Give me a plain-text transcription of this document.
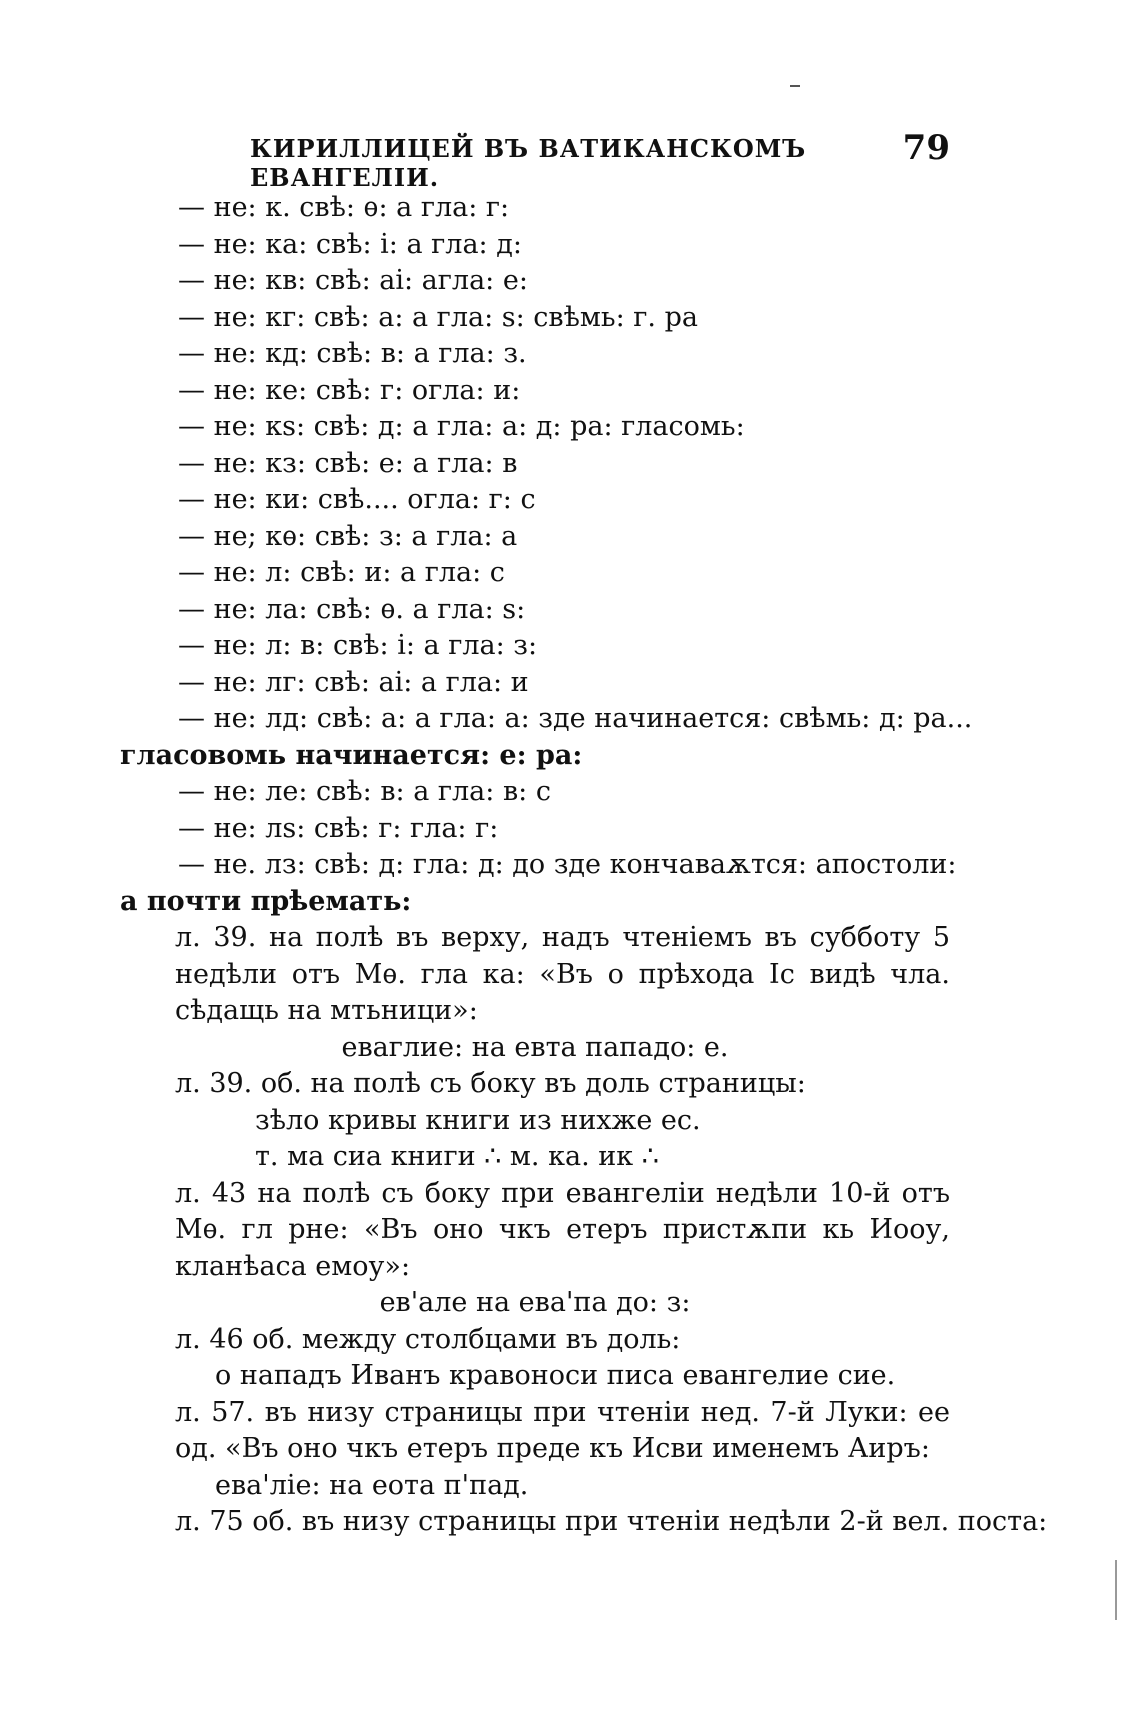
КИРИЛЛИЦЕЙ ВЪ ВАТИКАНСКОМЪ ЕВАНГЕЛІИ.
79
— не: к. свѣ: ѳ: а гла: г:
— не: ка: свѣ: і: а гла: д:
— не: кв: свѣ: аі: агла: е:
— не: кг: свѣ: а: а гла: ѕ: свѣмь: г. ра
— не: кд: свѣ: в: а гла: з.
— не: ке: свѣ: г: огла: и:
— не: кѕ: свѣ: д: а гла: а: д: ра: гласомь:
— не: кз: свѣ: е: а гла: в
— не: ки: свѣ.... огла: г: с
— не; кѳ: свѣ: з: а гла: а
— не: л: свѣ: и: а гла: с
— не: ла: свѣ: ѳ. а гла: ѕ:
— не: л: в: свѣ: і: а гла: з:
— не: лг: свѣ: аі: а гла: и
— не: лд: свѣ: а: а гла: а: зде начинается: свѣмь: д: ра...
гласовомь начинается: е: ра:
— не: ле: свѣ: в: а гла: в: с
— не: лѕ: свѣ: г: гла: г:
— не. лз: свѣ: д: гла: д: до зде кончаваѫтся: апостоли:
а почти прѣемать:
л. 39. на полѣ въ верху, надъ чтеніемъ въ субботу 5 недѣли отъ Мѳ. гла ка: «Въ о прѣхода Іс видѣ чла. сѣдащь на мтьници»:
еваглие: на евта пападо: е.
л. 39. об. на полѣ съ боку въ доль страницы:
зѣло кривы книги из нихже ес.
т. ма сиа книги ∴ м. ка. ик ∴
л. 43 на полѣ съ боку при евангеліи недѣли 10-й отъ Мѳ. гл рне: «Въ оно чкъ етеръ пристѫпи кь Иооу, кланѣаса емоу»:
ев'але на ева'па до: з:
л. 46 об. между столбцами въ доль:
о нападъ Иванъ кравоноси писа евангелие сие.
л. 57. въ низу страницы при чтеніи нед. 7-й Луки: ее од. «Въ оно чкъ етеръ преде къ Исви именемъ Аиръ:
ева'ліе: на еота п'пад.
л. 75 об. въ низу страницы при чтеніи недѣли 2-й вел. поста:
